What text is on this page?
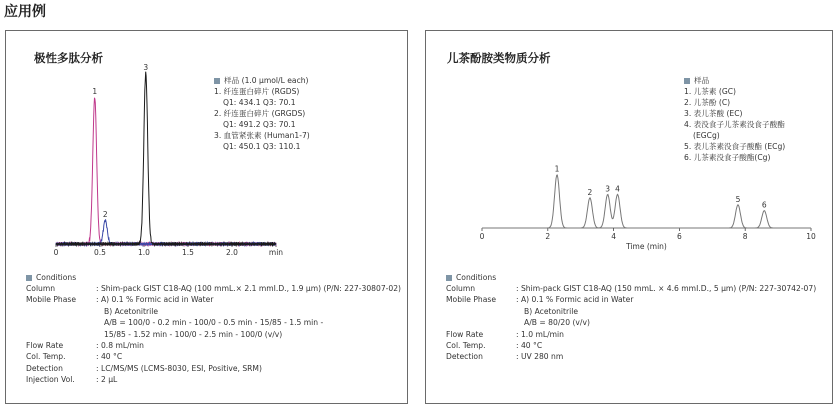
应用例
极性多肽分析
0	0.5	1.0	1.5	2.0	min
1
2
3
样品 (1.0 μmol/L each)
1. 纤连蛋白碎片 (RGDS)
Q1: 434.1 Q3: 70.1
2. 纤连蛋白碎片 (GRGDS)
Q1: 491.2 Q3: 70.1
3. 血管紧张素 (Human1-7)
Q1: 450.1 Q3: 110.1
Conditions
Column	: Shim-pack GIST C18-AQ (100 mmL.× 2.1 mmI.D., 1.9 μm) (P/N: 227-30807-02)
Mobile Phase	: A) 0.1 % Formic acid in Water
B) Acetonitrile
A/B = 100/0 - 0.2 min - 100/0 - 0.5 min - 15/85 - 1.5 min -
15/85 - 1.52 min - 100/0 - 2.5 min - 100/0 (v/v)
Flow Rate	: 0.8 mL/min
Col. Temp.	: 40 °C
Detection	: LC/MS/MS (LCMS-8030, ESI, Positive, SRM)
Injection Vol.	: 2 μL
儿茶酚胺类物质分析
0	2	4	6	8	10
Time (min)
1
2 3 4
5
6
样品
1. 儿茶素 (GC)
2. 儿茶酚 (C)
3. 表儿茶酸 (EC)
4. 表没食子儿茶素没食子酸酯
(EGCg)
5. 表儿茶素没食子酸酯 (ECg)
6. 儿茶素没食子酸酯(Cg)
Conditions
Column	: Shim-pack GIST C18-AQ (150 mmL. × 4.6 mmI.D., 5 μm) (P/N: 227-30742-07)
Mobile Phase	: A) 0.1 % Formic acid in Water
B) Acetonitrile
A/B = 80/20 (v/v)
Flow Rate	: 1.0 mL/min
Col. Temp.	: 40 °C
Detection	: UV 280 nm
